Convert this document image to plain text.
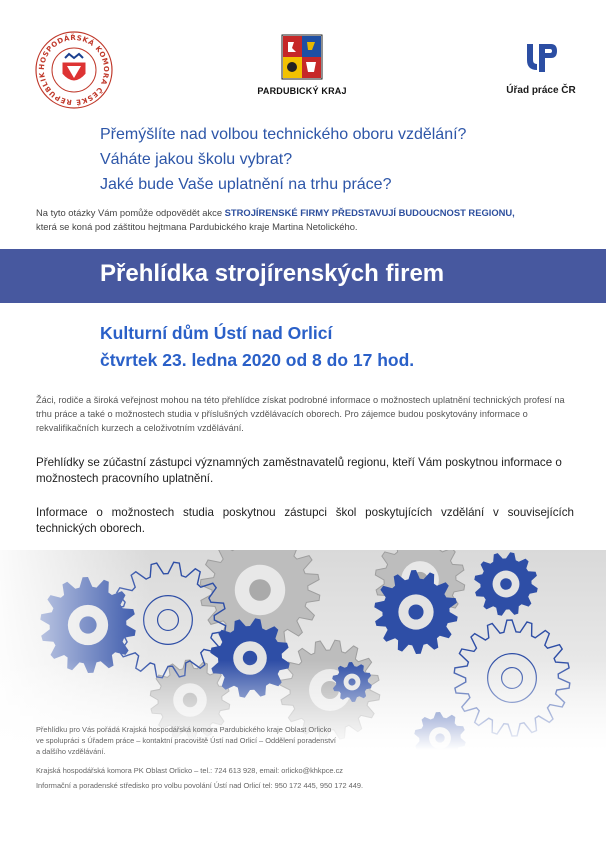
HOSPODÁŘSKÁ KOMORA ČESKÉ REPUBLIK
PARDUBICKÝ KRAJ	Úřad práce ČR
Přemýšlíte nad volbou technického oboru vzdělání?
Váháte jakou školu vybrat?
Jaké bude Vaše uplatnění na trhu práce?
Na tyto otázky Vám pomůže odpovědět akce STROJÍRENSKÉ FIRMY PŘEDSTAVUJÍ BUDOUCNOST REGIONU,
která se koná pod záštitou hejtmana Pardubického kraje Martina Netolického.
Přehlídka strojírenských firem
Kulturní dům Ústí nad Orlicí
čtvrtek 23. ledna 2020 od 8 do 17 hod.
Žáci, rodiče a široká veřejnost mohou na této přehlídce získat podrobné informace o možnostech uplatnění technických profesí na trhu práce a také o možnostech studia v příslušných vzdělávacích oborech. Pro zájemce budou poskytovány informace o rekvalifikačních kurzech a celoživotním vzdělávání.
Přehlídky se zúčastní zástupci významných zaměstnavatelů regionu, kteří Vám poskytnou informace o možnostech pracovního uplatnění.
Informace o možnostech studia poskytnou zástupci škol poskytujících vzdělání v souvisejících technických oborech.
Přehlídku pro Vás pořádá Krajská hospodářská komora Pardubického kraje Oblast Orlicko
ve spolupráci s Úřadem práce – kontaktní pracoviště Ústí nad Orlicí – Oddělení poradenství
a dalšího vzdělávání.
Krajská hospodářská komora PK Oblast Orlicko – tel.: 724 613 928, email: orlicko@khkpce.cz
Informační a poradenské středisko pro volbu povolání Ústí nad Orlicí tel: 950 172 445, 950 172 449.
